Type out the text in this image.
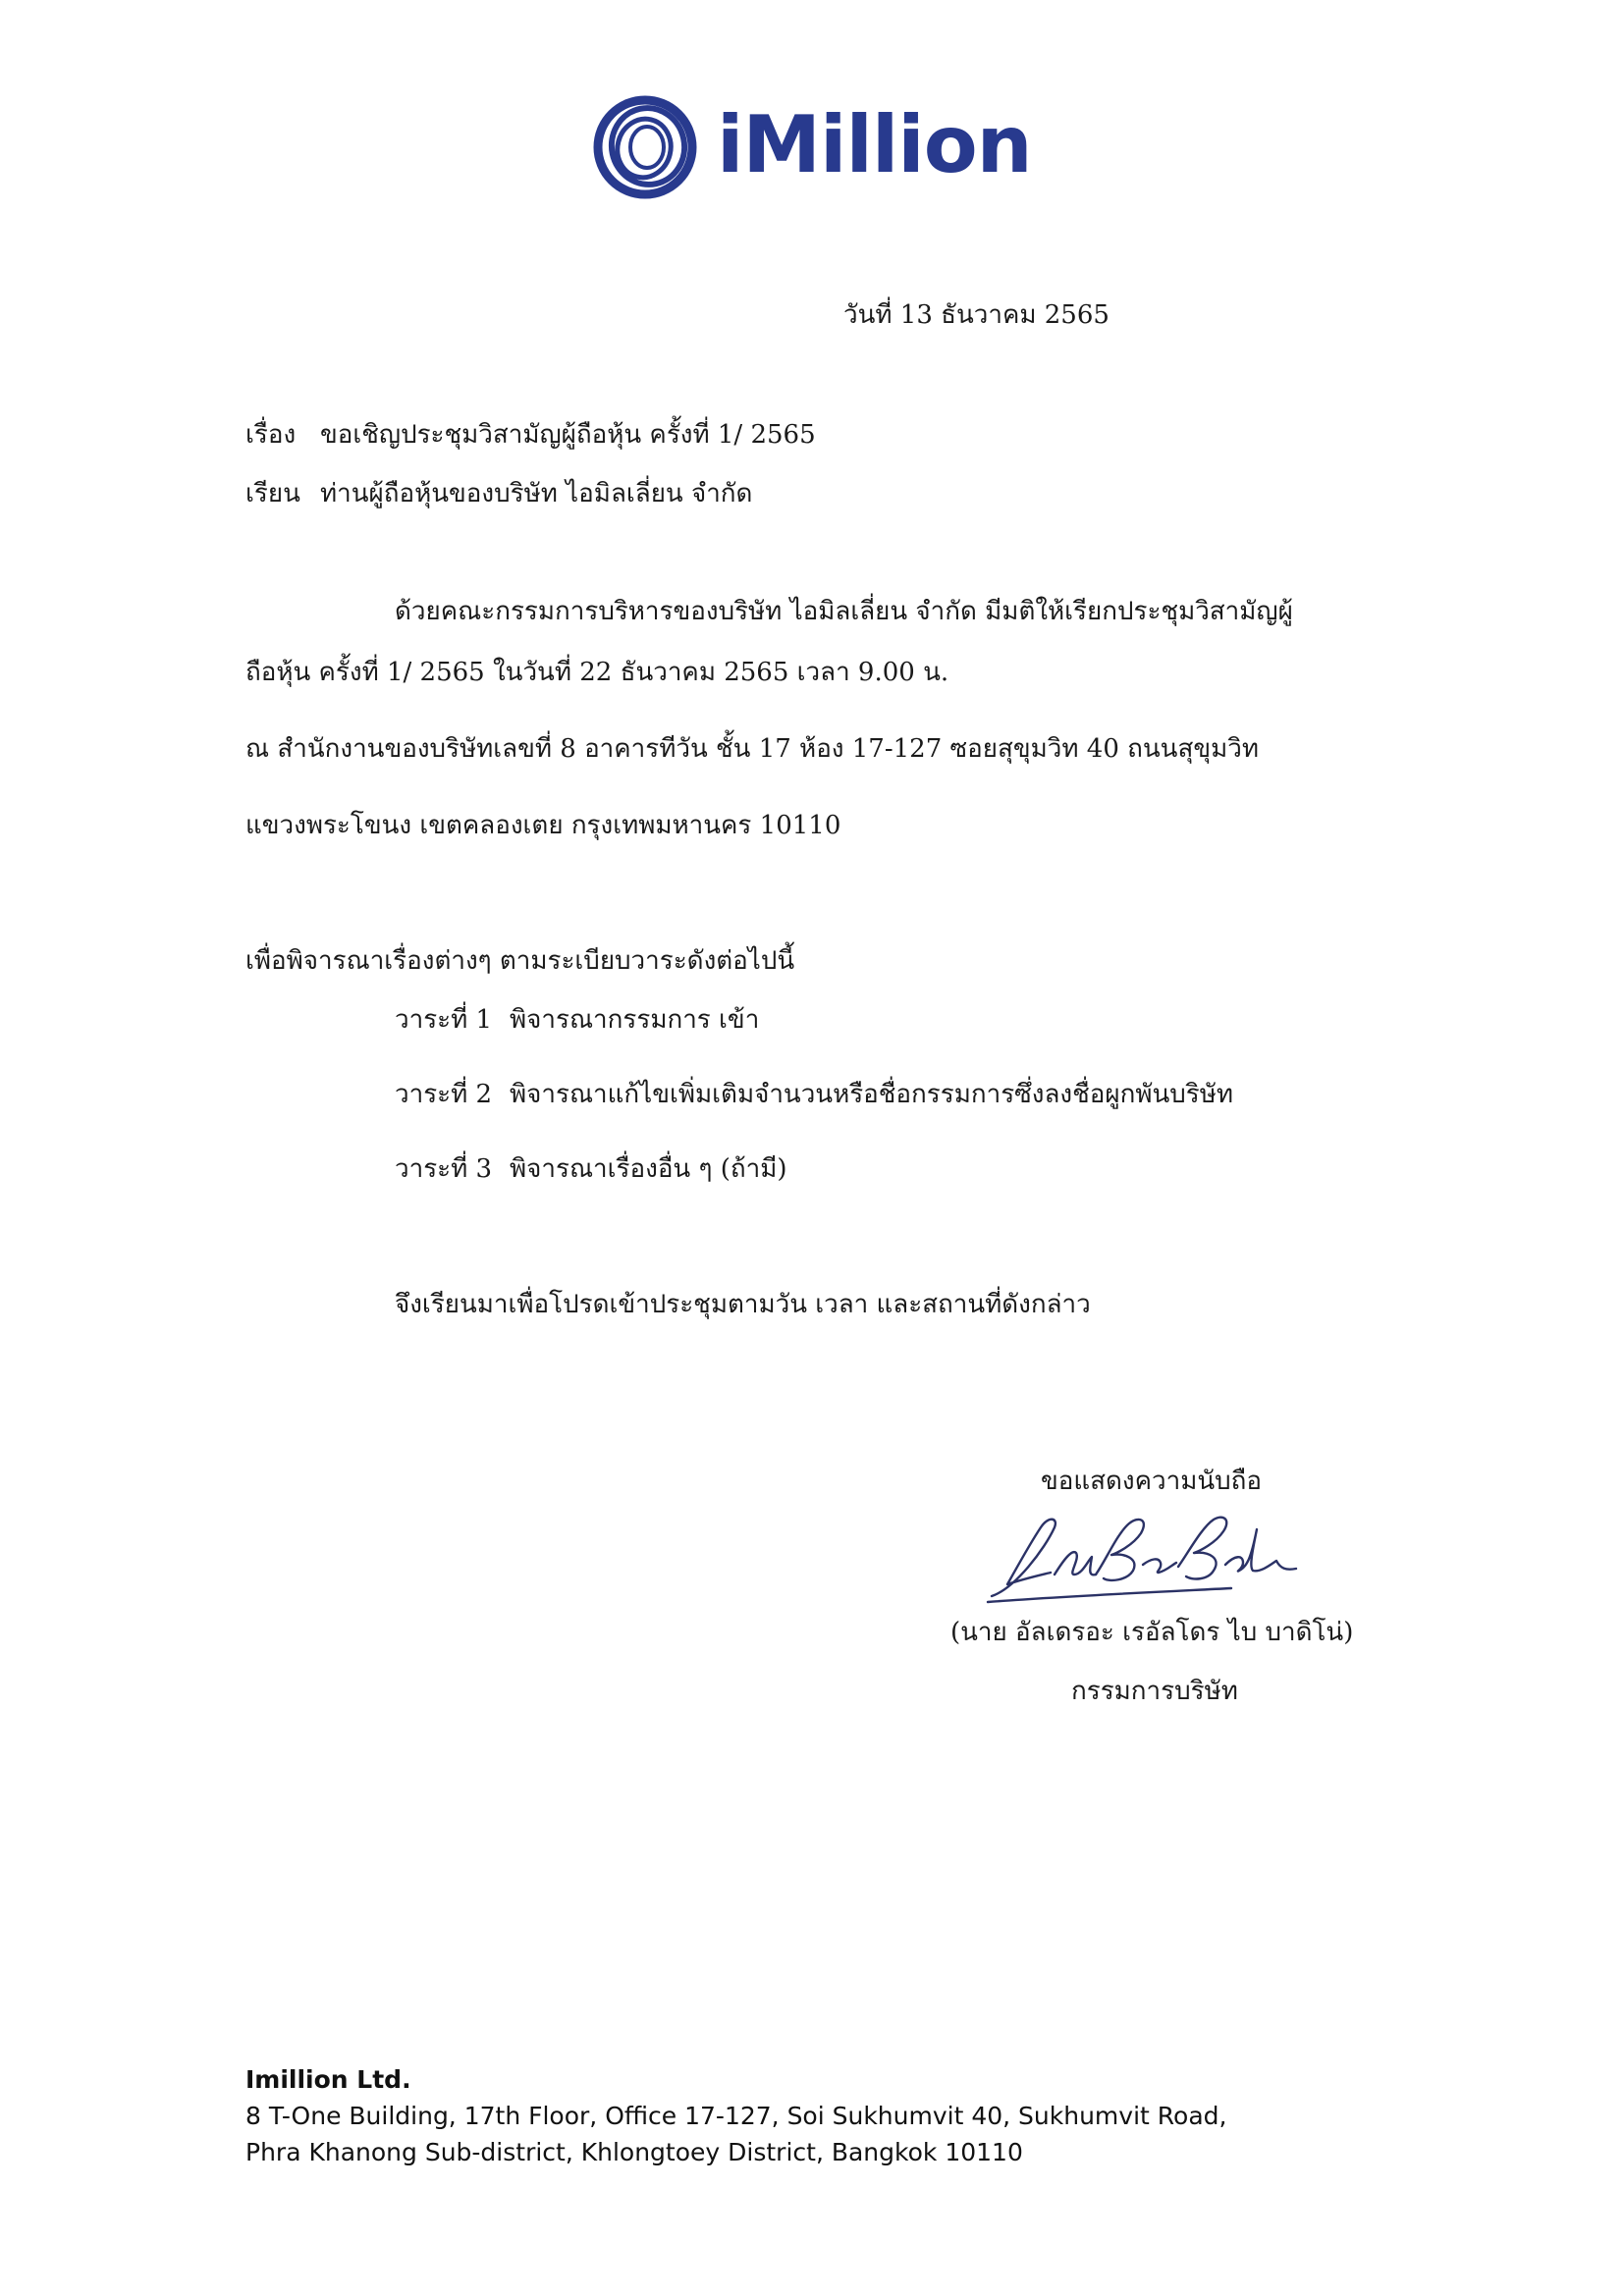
iMillion
วันที่ 13 ธันวาคม 2565
เรื่อง ขอเชิญประชุมวิสามัญผู้ถือหุ้น ครั้งที่ 1/ 2565
เรียน ท่านผู้ถือหุ้นของบริษัท ไอมิลเลี่ยน จำกัด
ด้วยคณะกรรมการบริหารของบริษัท ไอมิลเลี่ยน จำกัด มีมติให้เรียกประชุมวิสามัญผู้
ถือหุ้น ครั้งที่ 1/ 2565 ในวันที่ 22 ธันวาคม 2565 เวลา 9.00 น.
ณ สำนักงานของบริษัทเลขที่ 8 อาคารทีวัน ชั้น 17 ห้อง 17-127 ซอยสุขุมวิท 40 ถนนสุขุมวิท
แขวงพระโขนง เขตคลองเตย กรุงเทพมหานคร 10110
เพื่อพิจารณาเรื่องต่างๆ ตามระเบียบวาระดังต่อไปนี้
วาระที่ 1 พิจารณากรรมการ เข้า
วาระที่ 2 พิจารณาแก้ไขเพิ่มเติมจำนวนหรือชื่อกรรมการซึ่งลงชื่อผูกพันบริษัท
วาระที่ 3 พิจารณาเรื่องอื่น ๆ (ถ้ามี)
จึงเรียนมาเพื่อโปรดเข้าประชุมตามวัน เวลา และสถานที่ดังกล่าว
ขอแสดงความนับถือ
(นาย อัลเดรอะ เรอัลโดร ไบ บาดิโน่)
กรรมการบริษัท
Imillion Ltd.
8 T-One Building, 17th Floor, Office 17-127, Soi Sukhumvit 40, Sukhumvit Road,
Phra Khanong Sub-district, Khlongtoey District, Bangkok 10110
